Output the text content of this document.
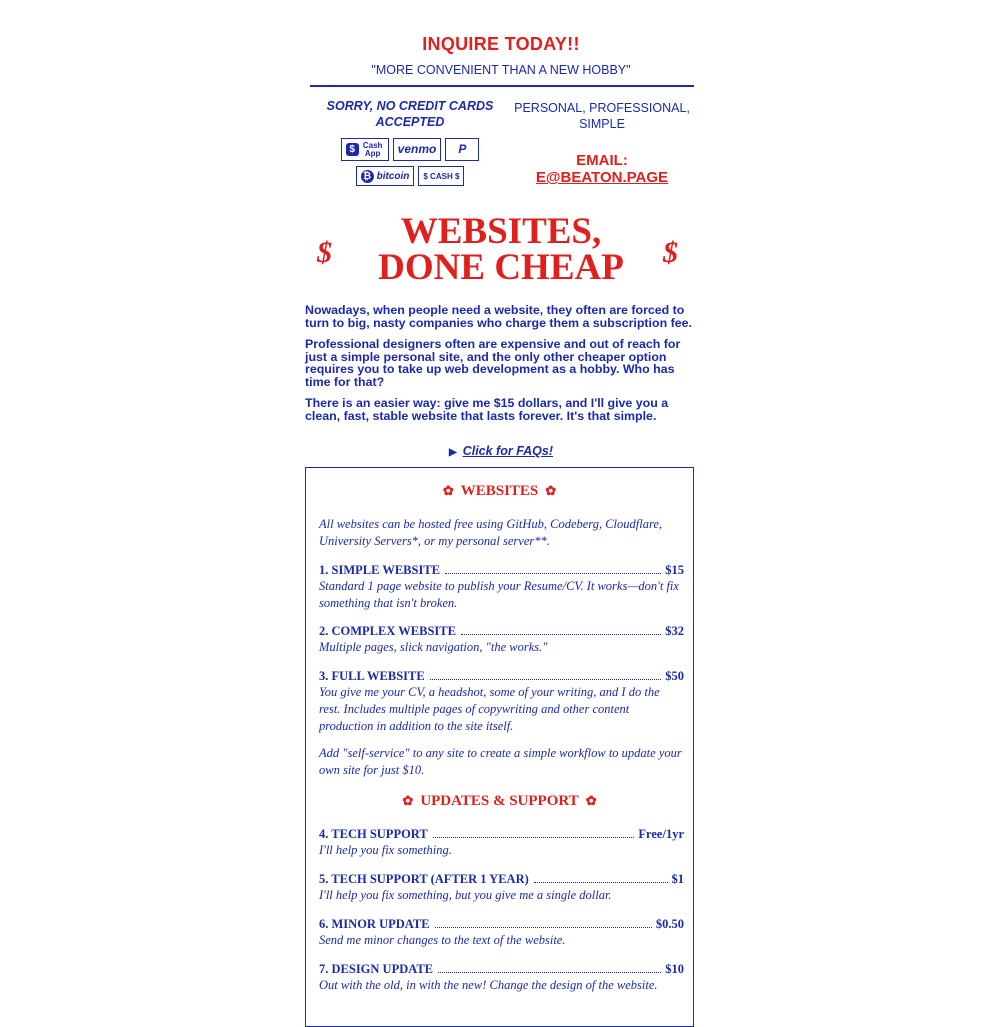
INQUIRE TODAY!!
"MORE CONVENIENT THAN A NEW HOBBY"
SORRY, NO CREDIT CARDS ACCEPTED
$ Cash App venmo P
₿ bitcoin $ CASH $
PERSONAL, PROFESSIONAL, SIMPLE
EMAIL:
E@BEATON.PAGE
$
WEBSITES,
DONE CHEAP	$

Nowadays, when people need a website, they often are forced to turn to big, nasty companies who charge them a subscription fee.

Professional designers often are expensive and out of reach for just a simple personal site, and the only other cheaper option requires you to take up web development as a hobby. Who has time for that?

There is an easier way: give me $15 dollars, and I'll give you a clean, fast, stable website that lasts forever. It's that simple.

▶ Click for FAQs!
✿ WEBSITES ✿
All websites can be hosted free using GitHub, Codeberg, Cloudflare, University Servers*, or my personal server**.
1. SIMPLE WEBSITE	$15
Standard 1 page website to publish your Resume/CV. It works—don't fix something that isn't broken.
2. COMPLEX WEBSITE	$32
Multiple pages, slick navigation, "the works."
3. FULL WEBSITE	$50
You give me your CV, a headshot, some of your writing, and I do the rest. Includes multiple pages of copywriting and other content production in addition to the site itself.
Add "self-service" to any site to create a simple workflow to update your own site for just $10.
✿ UPDATES & SUPPORT ✿
4. TECH SUPPORT	Free/1yr
I'll help you fix something.
5. TECH SUPPORT (AFTER 1 YEAR)	$1
I'll help you fix something, but you give me a single dollar.
6. MINOR UPDATE	$0.50
Send me minor changes to the text of the website.
7. DESIGN UPDATE	$10
Out with the old, in with the new! Change the design of the website.
